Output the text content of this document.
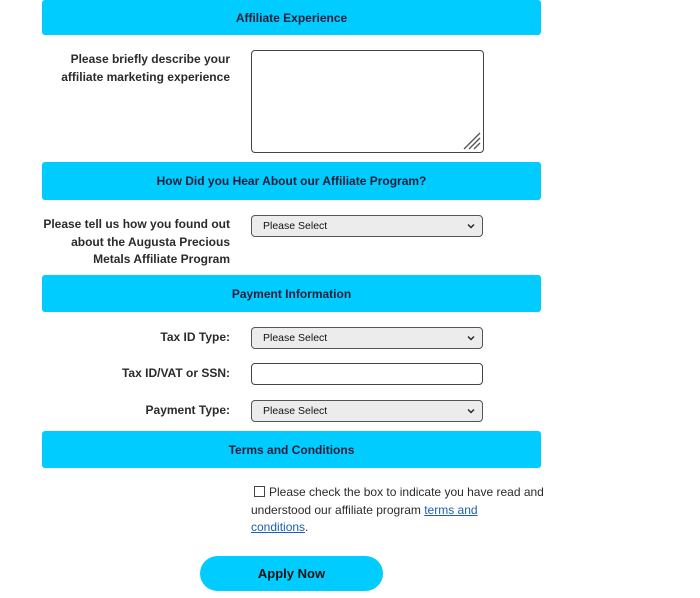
Affiliate Experience
Please briefly describe your
affiliate marketing experience
How Did you Hear About our Affiliate Program?
Please tell us how you found out
about the Augusta Precious
Metals Affiliate Program
Please Select
Payment Information
Tax ID Type:	Please Select
Tax ID/VAT or SSN:
Payment Type:	Please Select
Terms and Conditions
Please check the box to indicate you have read and
understood our affiliate program terms and
conditions.
Apply Now
